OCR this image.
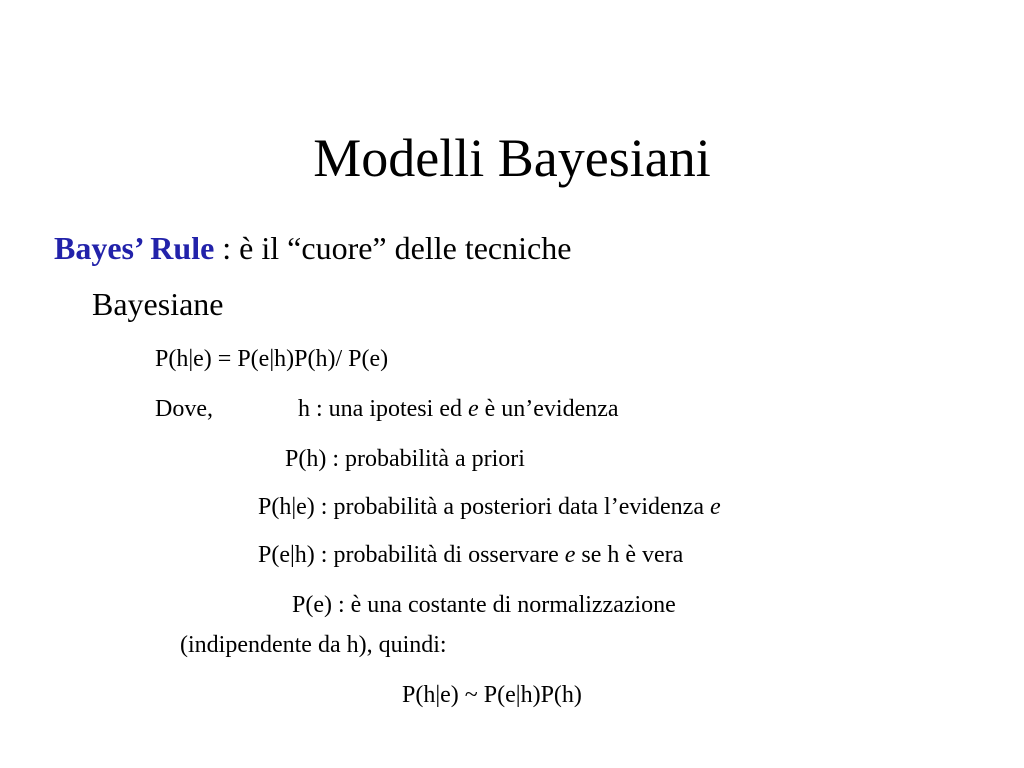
Modelli Bayesiani
Bayes’ Rule : è il “cuore” delle tecniche
Bayesiane
P(h|e) = P(e|h)P(h)/ P(e)
Dove,	h : una ipotesi ed e è un’evidenza
P(h) : probabilità a priori
P(h|e) : probabilità a posteriori data l’evidenza e
P(e|h) : probabilità di osservare e se h è vera
P(e) : è una costante di normalizzazione
(indipendente da h), quindi:
P(h|e) ~ P(e|h)P(h)
